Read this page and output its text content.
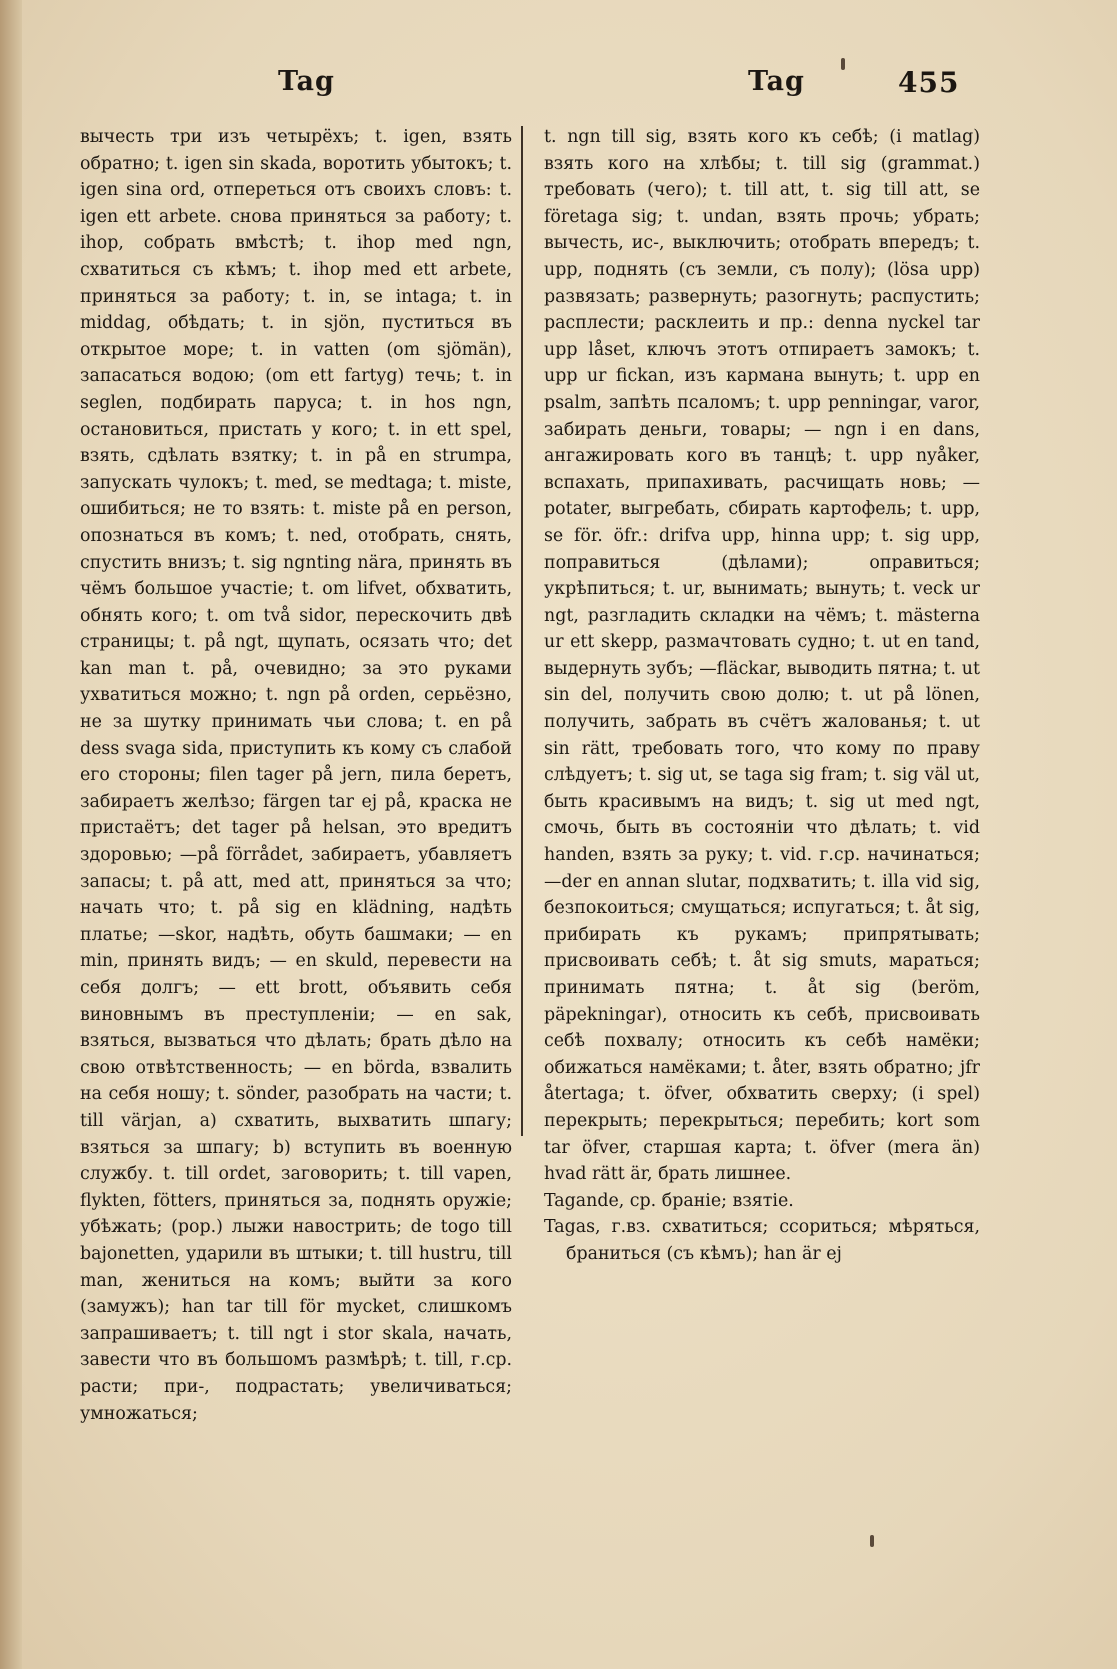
Tag	Tag	455

вычесть три изъ четырёхъ; t. igen, взять обратно; t. igen sin skada, воротить убытокъ; t. igen sina ord, отпереться отъ своихъ словъ: t. igen ett arbete. снова приняться за работу; t. ihop, собрать вмѣстѣ; t. ihop med ngn, схватиться съ кѣмъ; t. ihop med ett arbete, приняться за работу; t. in, se intaga; t. in middag, обѣдать; t. in sjön, пуститься въ открытое море; t. in vatten (om sjömän), запасаться водою; (om ett fartyg) течь; t. in seglen, подбирать паруса; t. in hos ngn, остановиться, пристать у кого; t. in ett spel, взять, сдѣлать взятку; t. in på en strumpa, запускать чулокъ; t. med, se medtaga; t. miste, ошибиться; не то взять: t. miste på en person, опознаться въ комъ; t. ned, отобрать, снять, спустить внизъ; t. sig ngnting nära, принять въ чёмъ большое участіе; t. om lifvet, обхватить, обнять кого; t. om två sidor, перескочить двѣ страницы; t. på ngt, щупать, осязать что; det kan man t. på, очевидно; за это руками ухватиться можно; t. ngn på orden, серьёзно, не за шутку принимать чьи слова; t. en på dess svaga sida, приступить къ кому съ слабой его стороны; filen tager på jern, пила беретъ, забираетъ желѣзо; färgen tar ej på, краска не пристаётъ; det tager på helsan, это вредитъ здоровью; —på förrådet, забираетъ, убавляетъ запасы; t. på att, med att, приняться за что; начать что; t. på sig en klädning, надѣть платье; —skor, надѣть, обуть башмаки; — en min, принять видъ; — en skuld, перевести на себя долгъ; — ett brott, объявить себя виновнымъ въ преступленіи; — en sak, взяться, вызваться что дѣлать; брать дѣло на свою отвѣтственность; — en börda, взвалить на себя ношу; t. sönder, разобрать на части; t. till värjan, а) схватить, выхватить шпагу; взяться за шпагу; b) вступить въ военную службу. t. till ordet, заговорить; t. till vapen, flykten, fötters, приняться за, поднять оружіе; убѣжать; (рор.) лыжи навострить; de togo till bajonetten, ударили въ штыки; t. till hustru, till man, жениться на комъ; выйти за кого (замужъ); han tar till för mycket, слишкомъ запрашиваетъ; t. till ngt i stor skala, начать, завести что въ большомъ размѣрѣ; t. till, г.ср. расти; при-, подрастать; увеличиваться; умножаться;

t. ngn till sig, взять кого къ себѣ; (i matlag) взять кого на хлѣбы; t. till sig (grammat.) требовать (чего); t. till att, t. sig till att, se företaga sig; t. undan, взять прочь; убрать; вычесть, ис-, выключить; отобрать впередъ; t. upp, поднять (съ земли, съ полу); (lösa upp) развязать; развернуть; разогнуть; распустить; расплести; расклеить и пр.: denna nyckel tar upp låset, ключъ этотъ отпираетъ замокъ; t. upp ur fickan, изъ кармана вынуть; t. upp en psalm, запѣть псаломъ; t. upp penningar, varor, забирать деньги, товары; — ngn i en dans, ангажировать кого въ танцѣ; t. upp nyåker, вспахать, припахивать, расчищать новь; — potater, выгребать, сбирать картофель; t. upp, se för. öfr.: drifva upp, hinna upp; t. sig upp, поправиться (дѣлами); оправиться; укрѣпиться; t. ur, вынимать; вынуть; t. veck ur ngt, разгладить складки на чёмъ; t. mästerna ur ett skepp, размачтовать судно; t. ut en tand, выдернуть зубъ; —fläckar, выводить пятна; t. ut sin del, получить свою долю; t. ut på lönen, получить, забрать въ счётъ жалованья; t. ut sin rätt, требовать того, что кому по праву слѣдуетъ; t. sig ut, se taga sig fram; t. sig väl ut, быть красивымъ на видъ; t. sig ut med ngt, смочь, быть въ состояніи что дѣлать; t. vid handen, взять за руку; t. vid. г.ср. начинаться; —der en annan slutar, подхватить; t. illa vid sig, безпокоиться; смущаться; испугаться; t. åt sig, прибирать къ рукамъ; припрятывать; присвоивать себѣ; t. åt sig smuts, мараться; принимать пятна; t. åt sig (beröm, päpekningar), относить къ себѣ, присвоивать себѣ похвалу; относить къ себѣ намёки; обижаться намёками; t. åter, взять обратно; jfr återtaga; t. öfver, обхватить сверху; (i spel) перекрыть; перекрыться; перебить; kort som tar öfver, старшая карта; t. öfver (mera än) hvad rätt är, брать лишнее.

Tagande, ср. браніе; взятіе.

Tagas, г.вз. схватиться; ссориться; мѣряться, браниться (съ кѣмъ); han är ej
